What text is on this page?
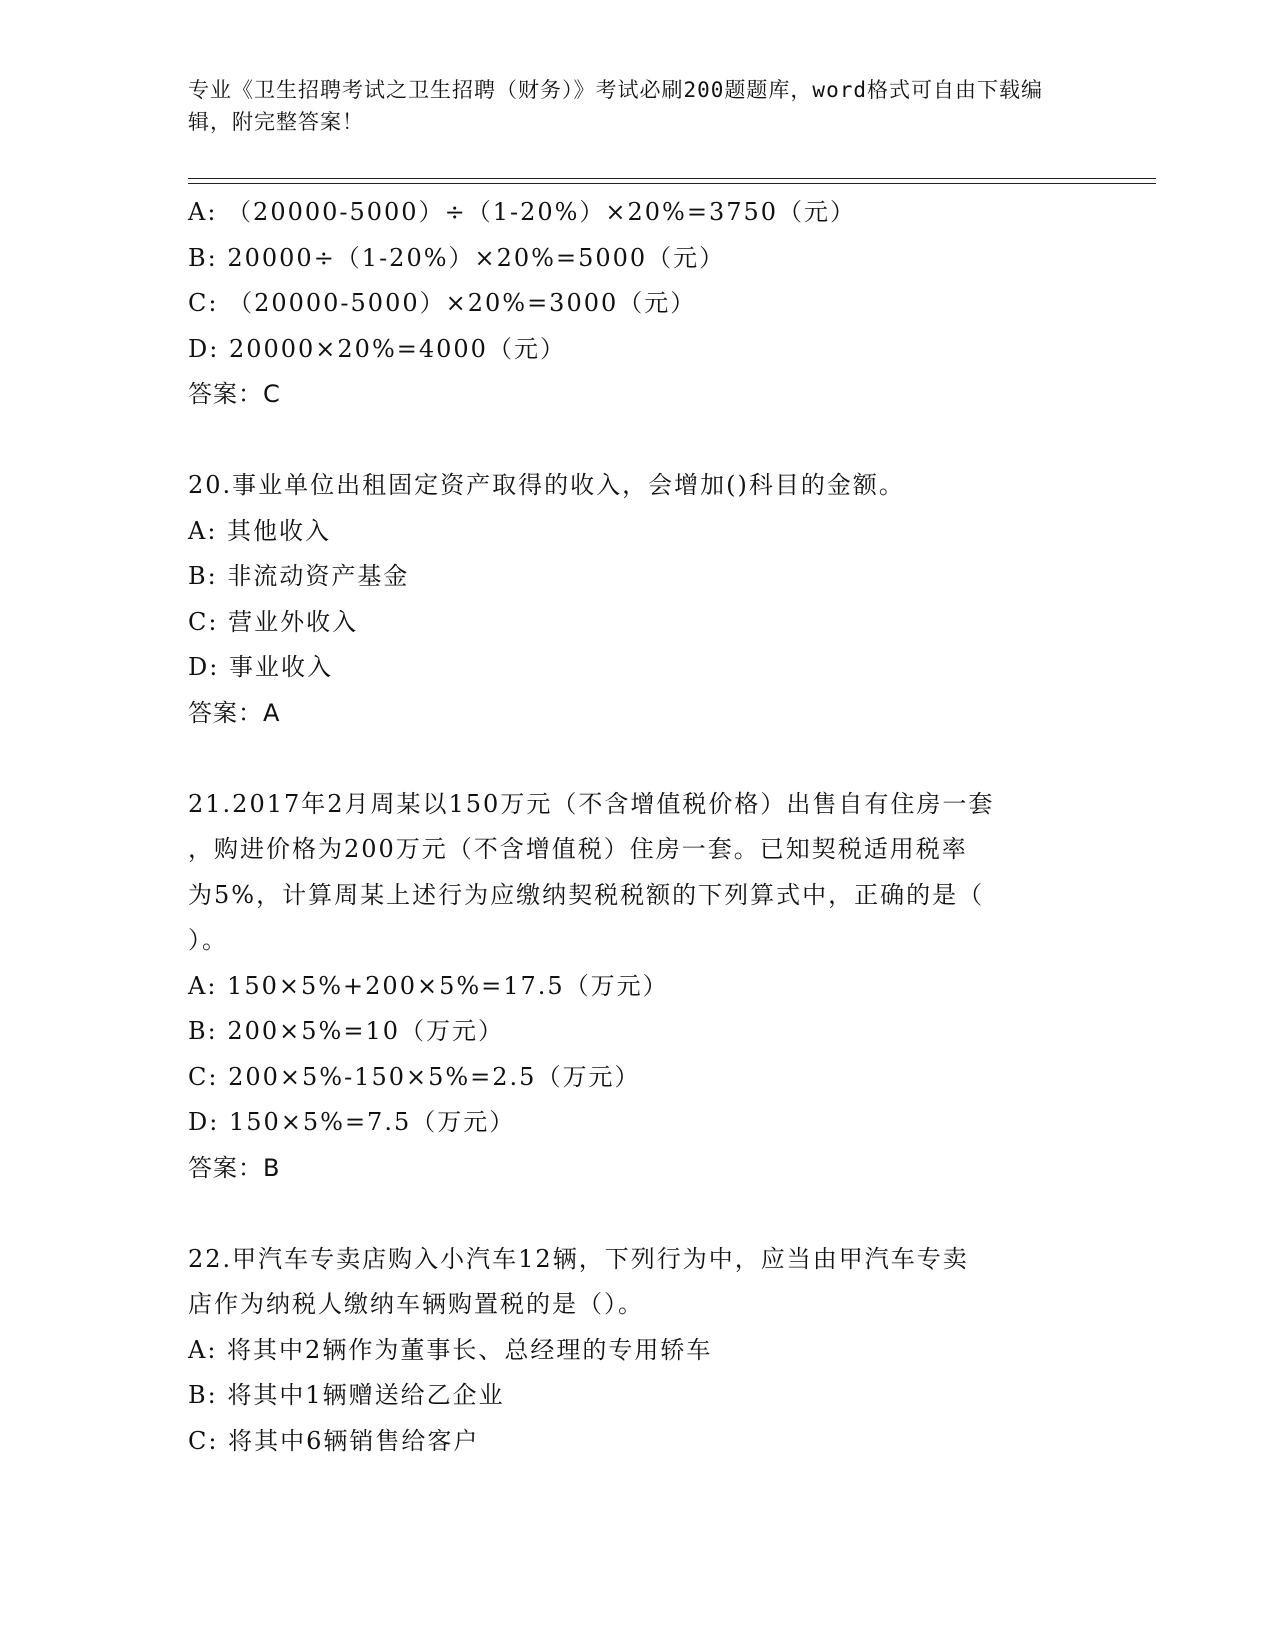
专业《卫生招聘考试之卫生招聘（财务）》考试必刷200题题库，word格式可自由下载编辑，附完整答案！
A: （20000-5000）÷（1-20%）×20%=3750（元）
B: 20000÷（1-20%）×20%=5000（元）
C: （20000-5000）×20%=3000（元）
D: 20000×20%=4000（元）
答案：C
20.事业单位出租固定资产取得的收入，会增加()科目的金额。
A: 其他收入
B: 非流动资产基金
C: 营业外收入
D: 事业收入
答案：A
21.2017年2月周某以150万元（不含增值税价格）出售自有住房一套
，购进价格为200万元（不含增值税）住房一套。已知契税适用税率
为5%，计算周某上述行为应缴纳契税税额的下列算式中，正确的是（
）。
A: 150×5%+200×5%=17.5（万元）
B: 200×5%=10（万元）
C: 200×5%-150×5%=2.5（万元）
D: 150×5%=7.5（万元）
答案：B
22.甲汽车专卖店购入小汽车12辆，下列行为中，应当由甲汽车专卖
店作为纳税人缴纳车辆购置税的是（）。
A: 将其中2辆作为董事长、总经理的专用轿车
B: 将其中1辆赠送给乙企业
C: 将其中6辆销售给客户
